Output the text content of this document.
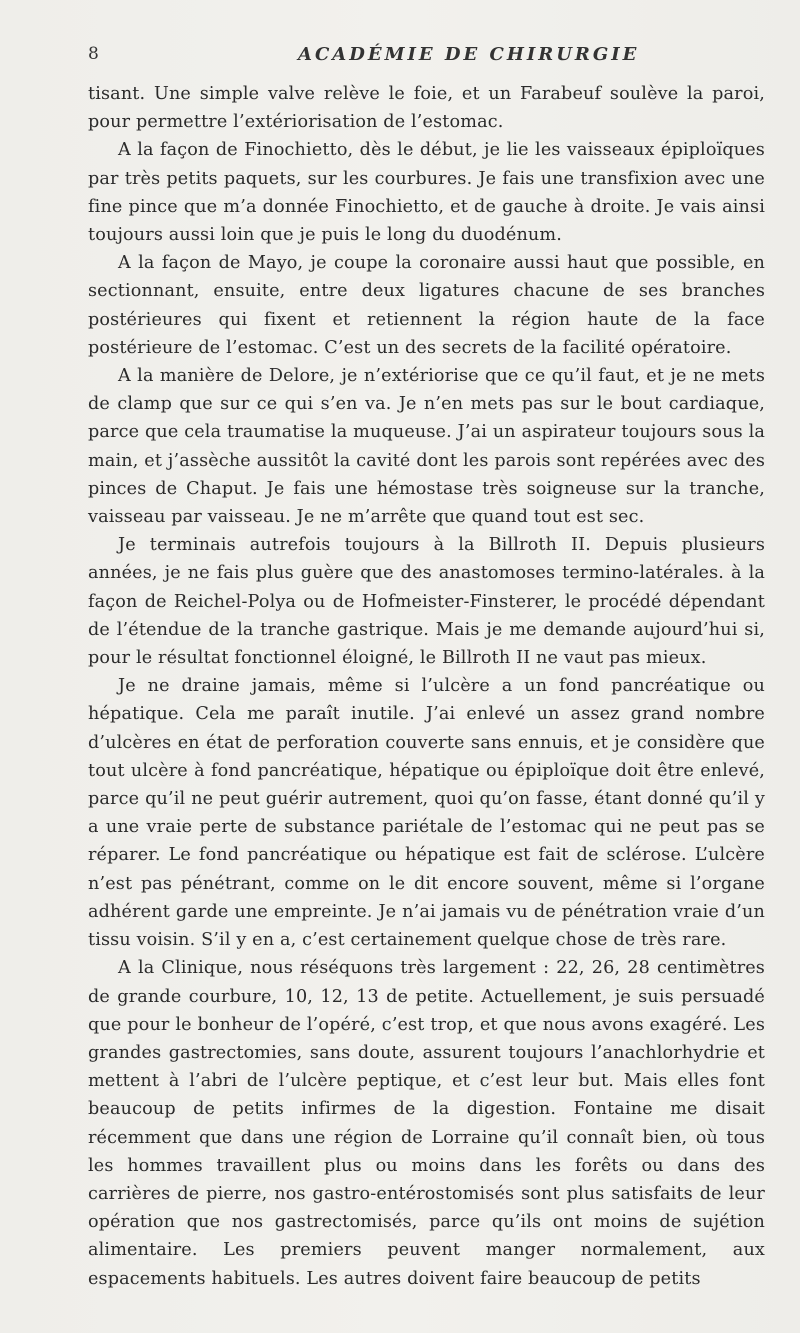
8	ACADÉMIE DE CHIRURGIE

tisant. Une simple valve relève le foie, et un Farabeuf soulève la paroi, pour permettre l’extériorisation de l’estomac.

A la façon de Finochietto, dès le début, je lie les vaisseaux épiploïques par très petits paquets, sur les courbures. Je fais une transfixion avec une fine pince que m’a donnée Finochietto, et de gauche à droite. Je vais ainsi toujours aussi loin que je puis le long du duodénum.

A la façon de Mayo, je coupe la coronaire aussi haut que possible, en sectionnant, ensuite, entre deux ligatures chacune de ses branches postérieures qui fixent et retiennent la région haute de la face postérieure de l’estomac. C’est un des secrets de la facilité opératoire.

A la manière de Delore, je n’extériorise que ce qu’il faut, et je ne mets de clamp que sur ce qui s’en va. Je n’en mets pas sur le bout cardiaque, parce que cela traumatise la muqueuse. J’ai un aspirateur toujours sous la main, et j’assèche aussitôt la cavité dont les parois sont repérées avec des pinces de Chaput. Je fais une hémostase très soigneuse sur la tranche, vaisseau par vaisseau. Je ne m’arrête que quand tout est sec.

Je terminais autrefois toujours à la Billroth II. Depuis plusieurs années, je ne fais plus guère que des anastomoses termino-latérales. à la façon de Reichel-Polya ou de Hofmeister-Finsterer, le procédé dépendant de l’étendue de la tranche gastrique. Mais je me demande aujourd’hui si, pour le résultat fonctionnel éloigné, le Billroth II ne vaut pas mieux.

Je ne draine jamais, même si l’ulcère a un fond pancréatique ou hépatique. Cela me paraît inutile. J’ai enlevé un assez grand nombre d’ulcères en état de perforation couverte sans ennuis, et je considère que tout ulcère à fond pancréatique, hépatique ou épiploïque doit être enlevé, parce qu’il ne peut guérir autrement, quoi qu’on fasse, étant donné qu’il y a une vraie perte de substance pariétale de l’estomac qui ne peut pas se réparer. Le fond pancréatique ou hépatique est fait de sclérose. L’ulcère n’est pas pénétrant, comme on le dit encore souvent, même si l’organe adhérent garde une empreinte. Je n’ai jamais vu de pénétration vraie d’un tissu voisin. S’il y en a, c’est certainement quelque chose de très rare.

A la Clinique, nous réséquons très largement : 22, 26, 28 centimètres de grande courbure, 10, 12, 13 de petite. Actuellement, je suis persuadé que pour le bonheur de l’opéré, c’est trop, et que nous avons exagéré. Les grandes gastrectomies, sans doute, assurent toujours l’anachlorhydrie et mettent à l’abri de l’ulcère peptique, et c’est leur but. Mais elles font beaucoup de petits infirmes de la digestion. Fontaine me disait récemment que dans une région de Lorraine qu’il connaît bien, où tous les hommes travaillent plus ou moins dans les forêts ou dans des carrières de pierre, nos gastro-entérostomisés sont plus satisfaits de leur opération que nos gastrectomisés, parce qu’ils ont moins de sujétion alimentaire. Les premiers peuvent manger normalement, aux espacements habituels. Les autres doivent faire beaucoup de petits
